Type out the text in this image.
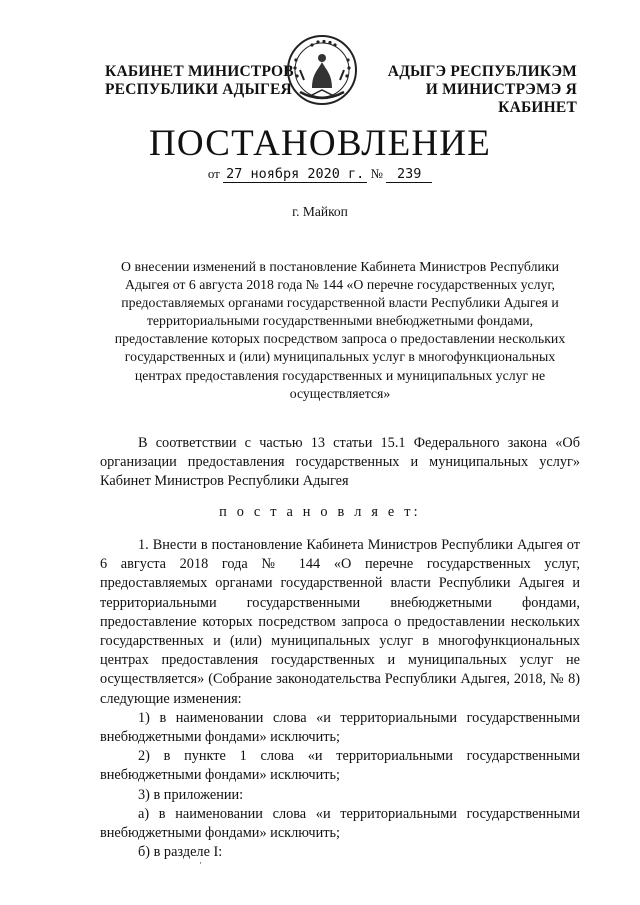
КАБИНЕТ МИНИСТРОВ
РЕСПУБЛИКИ АДЫГЕЯ
АДЫГЭ РЕСПУБЛИКЭМ
И МИНИСТРЭМЭ Я КАБИНЕТ
ПОСТАНОВЛЕНИЕ
от 27 ноября 2020 г. № 239
г. Майкоп
О внесении изменений в постановление Кабинета Министров Республики Адыгея от 6 августа 2018 года № 144 «О перечне государственных услуг, предоставляемых органами государственной власти Республики Адыгея и территориальными государственными внебюджетными фондами, предоставление которых посредством запроса о предоставлении нескольких государственных и (или) муниципальных услуг в многофункциональных центрах предоставления государственных и муниципальных услуг не осуществляется»
В соответствии с частью 13 статьи 15.1 Федерального закона «Об организации предоставления государственных и муниципальных услуг» Кабинет Министров Республики Адыгея
п о с т а н о в л я е т:

1. Внести в постановление Кабинета Министров Республики Адыгея от 6 августа 2018 года № 144 «О перечне государственных услуг, предоставляемых органами государственной власти Республики Адыгея и территориальными государственными внебюджетными фондами, предоставление которых посредством запроса о предоставлении нескольких государственных и (или) муниципальных услуг в многофункциональных центрах предоставления государственных и муниципальных услуг не осуществляется» (Собрание законодательства Республики Адыгея, 2018, № 8) следующие изменения:

1) в наименовании слова «и территориальными государственными внебюджетными фондами» исключить;

2) в пункте 1 слова «и территориальными государственными внебюджетными фондами» исключить;

3) в приложении:

а) в наименовании слова «и территориальными государственными внебюджетными фондами» исключить;

б) в разделе I:

·
